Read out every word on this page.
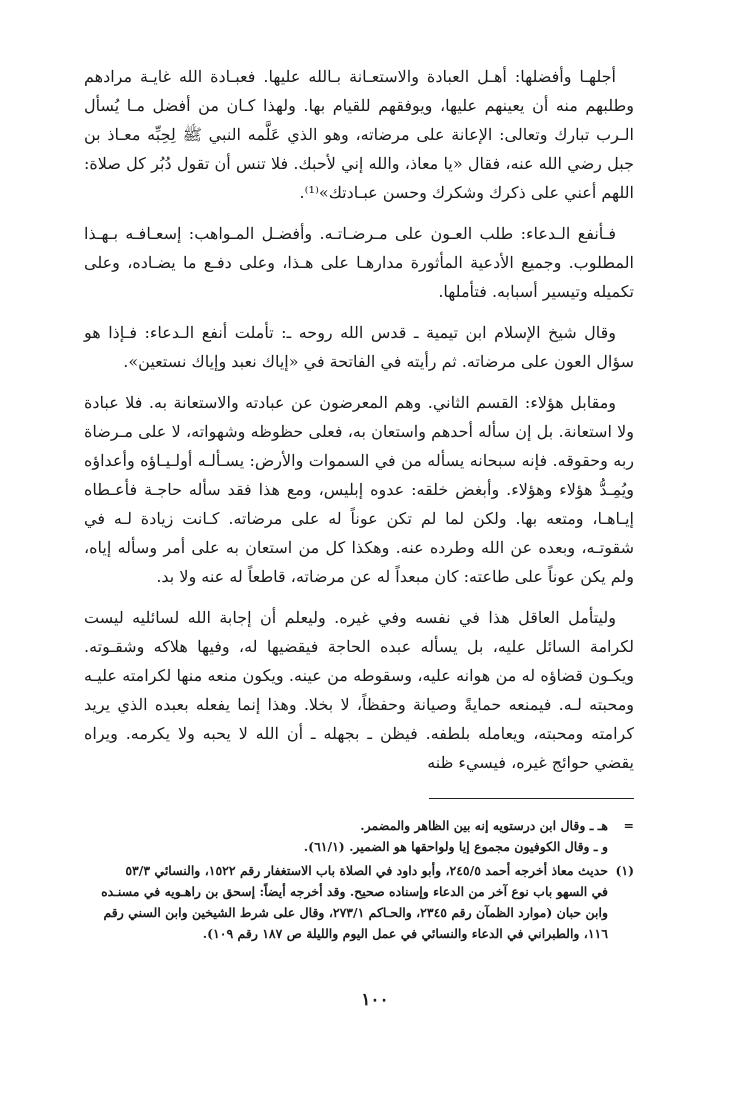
أجلهـا وأفضلها: أهـل العبادة والاستعـانة بـالله عليها. فعبـادة الله غايـة مرادهم وطلبهم منه أن يعينهم عليها، ويوفقهم للقيام بها. ولهذا كـان من أفضل مـا يُسأل الـرب تبارك وتعالى: الإعانة على مرضاته، وهو الذي عَلَّمه النبي ﷺ لِحِبِّه معـاذ بن جبل رضي الله عنه، فقال «يا معاذ، والله إني لأحبك. فلا تنس أن تقول دُبُر كل صلاة: اللهم أعني على ذكرك وشكرك وحسن عبـادتك»⁽¹⁾.

فـأنفع الـدعاء: طلب العـون على مـرضـاتـه. وأفضـل المـواهب: إسعـافـه بـهـذا المطلوب. وجميع الأدعية المأثورة مدارهـا على هـذا، وعلى دفـع ما يضـاده، وعلى تكميله وتيسير أسبابه. فتأملها.

وقال شيخ الإسلام ابن تيمية ـ قدس الله روحه ـ: تأملت أنفع الـدعاء: فـإذا هو سؤال العون على مرضاته. ثم رأيته في الفاتحة في «إياك نعبد وإياك نستعين».

ومقابل هؤلاء: القسم الثاني. وهم المعرضون عن عبادته والاستعانة به. فلا عبادة ولا استعانة. بل إن سأله أحدهم واستعان به، فعلى حظوظه وشهواته، لا على مـرضاة ربه وحقوقه. فإنه سبحانه يسأله من في السموات والأرض: يسـألـه أولـيـاؤه وأعداؤه ويُمِـدُّ هؤلاء وهؤلاء. وأبغض خلقه: عدوه إبليس، ومع هذا فقد سأله حاجـة فأعـطاه إيـاهـا، ومتعه بها. ولكن لما لم تكن عوناً له على مرضاته. كـانت زيادة لـه في شقوتـه، وبعده عن الله وطرده عنه. وهكذا كل من استعان به على أمر وسأله إياه، ولم يكن عوناً على طاعته: كان مبعداً له عن مرضاته، قاطعاً له عنه ولا بد.

وليتأمل العاقل هذا في نفسه وفي غيره. وليعلم أن إجابة الله لسائليه ليست لكرامة السائل عليه، بل يسأله عبده الحاجة فيقضيها له، وفيها هلاكه وشقـوته. ويكـون قضاؤه له من هوانه عليه، وسقوطه من عينه. ويكون منعه منها لكرامته عليـه ومحبته لـه. فيمنعه حمايةً وصيانة وحفظاً، لا بخلا. وهذا إنما يفعله بعبده الذي يريد كرامته ومحبته، ويعامله بلطفه. فيظن ـ بجهله ـ أن الله لا يحبه ولا يكرمه. ويراه يقضي حوائج غيره، فيسيء ظنه

=
هـ ـ وقال ابن درستويه إنه بين الظاهر والمضمر.
و ـ وقال الكوفيون مجموع إيا ولواحقها هو الضمير. (٦١/١).
(١)
حديث معاذ أخرجه أحمد ٢٤٥/٥، وأبو داود في الصلاة باب الاستغفار رقم ١٥٢٢، والنسائي ٥٣/٣
في السهو باب نوع آخر من الدعاء وإسناده صحيح. وقد أخرجه أيضاً: إسحق بن راهـويه في مسنـده
وابن حبان (موارد الظمآن رقم ٢٣٤٥، والحـاكم ٢٧٣/١، وقال على شرط الشيخين وابن السني رقم
١١٦، والطبراني في الدعاء والنسائي في عمل اليوم والليلة ص ١٨٧ رقم ١٠٩).
١٠٠
